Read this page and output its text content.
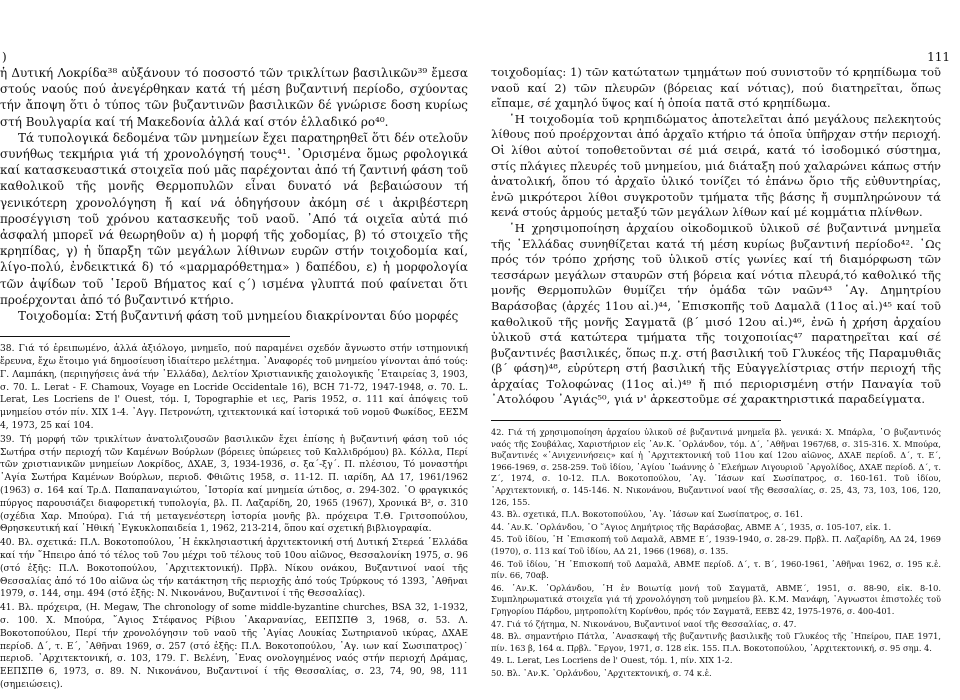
)	111

ἡ Δυτική Λοκρίδα³⁸ αὐξάνουν τό ποσοστό τῶν τρικλίτων βασιλικῶν³⁹ ἔμεσα στούς ναούς πού ἀνεγέρθηκαν κατά τή μέση βυζαντινή περίοδο, σχύοντας τήν ἄποψη ὅτι ὁ τύπος τῶν βυζαντινῶν βασιλικῶν δέ γνώρισε δοση κυρίως στή Βουλγαρία καί τή Μακεδονία ἀλλά καί στόν ἑλλαδικό ρο⁴⁰.

Τά τυπολογικά δεδομένα τῶν μνημείων ἔχει παρατηρηθεῖ ὅτι δέν οτελοῦν συνήθως τεκμήρια γιά τή χρονολόγησή τους⁴¹. ᾿Ορισμένα ὅμως ρφολογικά καί κατασκευαστικά στοιχεῖα πού μᾶς παρέχονται ἀπό τή ζαντινή φάση τοῦ καθολικοῦ τῆς μονῆς Θερμοπυλῶν εἶναι δυνατό νά βεβαιώσουν τή γενικότερη χρονολόγηση ἤ καί νά ὁδηγήσουν ἀκόμη σέ ι ἀκριβέστερη προσέγγιση τοῦ χρόνου κατασκευῆς τοῦ ναοῦ. ᾿Από τά οιχεῖα αὐτά πιό ἀσφαλή μπορεῖ νά θεωρηθοῦν α) ἡ μορφή τῆς χοδομίας, β) τό στοιχεῖο τῆς κρηπίδας, γ) ἡ ὕπαρξη τῶν μεγάλων λίθινων ευρῶν στήν τοιχοδομία καί, λίγο-πολύ, ἐνδεικτικά δ) τό «μαρμαρόθετημα» ) δαπέδου, ε) ἡ μορφολογία τῶν ἀψίδων τοῦ ῾Ιεροῦ Βήματος καί ς´) ισμένα γλυπτά πού φαίνεται ὅτι προέρχονται ἀπό τό βυζαντινό κτήριο.

Τοιχοδομία: Στή βυζαντινή φάση τοῦ μνημείου διακρίνονται δύο μορφές

38. Γιά τό ἐρειπωμένο, ἀλλά ἀξιόλογο, μνημεῖο, πού παραμένει σχεδόν ἄγνωστο στήν ιστημονική ἔρευνα, ἔχω ἕτοιμο γιά δημοσίευση ἰδιαίτερο μελέτημα. ᾿Αναφορές τοῦ μνημείου γίνονται ἀπό τούς: Γ. Λαμπάκη, (περιηγήσεις ἀνά τήν ῾Ελλάδα), Δελτίον Χριστιανικῆς χαιολογικῆς ῾Εταιρείας 3, 1903, σ. 70. L. Lerat - F. Chamoux, Voyage en Locride Occidentale 16), BCH 71-72, 1947-1948, σ. 70. L. Lerat, Les Locriens de l' Ouest, τόμ. I, Topographie et ιες, Paris 1952, σ. 111 καί ἀπόψεις τοῦ μνημείου στόν πίν. XIX 1-4. ᾿Αγγ. Πετρονώτη, ιχιτεκτονικά καί ἱστορικά τοῦ νομοῦ Φωκίδος, ΕΕΣΜ 4, 1973, 25 καί 104.

39. Τή μορφή τῶν τρικλίτων ἀνατολιζουσῶν βασιλικῶν ἔχει ἐπίσης ἡ βυζαντινή φάση τοῦ ιός Σωτήρα στήν περιοχή τῶν Καμένων Βούρλων (βόρειες ὑπώρειες τοῦ Καλλιδρόμου) βλ. Κόλλα, Περί τῶν χριστιανικῶν μνημείων Λοκρίδος, ΔΧΑΕ, 3, 1934-1936, σ. ξα´-ξγ´. Π. πλέσιου, Τό μοναστήρι ῾Αγία Σωτήρα Καμένων Βούρλων, περιοδ. Φθιῶτις 1958, σ. 11-12. Π. ιαρίδη, ΑΔ 17, 1961/1962 (1963) σ. 164 καί Τρ.Δ. Παπαπαναγιώτου, ῾Ιστορία καί μνημεία ώτιδος, σ. 294-302. ᾿Ο φραγκικός πύργος παρουσιάζει διαφορετική τυπολογία, βλ. Π. Λαζαρίδη, 20, 1965 (1967), Χρονικά Β², σ. 310 (σχέδια Χαρ. Μπούρα). Γιά τή μεταγενέστερη ἱστορία μονῆς βλ. πρόχειρα Τ.Θ. Γριτσοπούλου, Θρησκευτική καί ᾿Ηθική ᾿Εγκυκλοπαιδεία 1, 1962, 213-214, ὅπου καί σχετική βιβλιογραφία.

40. Βλ. σχετικά: Π.Λ. Βοκοτοπούλου, ῾Η ἐκκλησιαστική ἀρχιτεκτονική στή Δυτική Στερεά ῾Ελλάδα καί τήν ῞Ηπειρο ἀπό τό τέλος τοῦ 7ου μέχρι τοῦ τέλους τοῦ 10ου αἰῶνος, Θεσσαλονίκη 1975, σ. 96 (στό ἑξῆς: Π.Λ. Βοκοτοπούλου, ᾿Αρχιτεκτονική). Πρβλ. Νίκου ονάκου, Βυζαντινοί ναοί τῆς Θεσσαλίας ἀπό τό 10ο αἰῶνα ὡς τήν κατάκτηση τῆς περιοχῆς ἀπό τούς Τρύρκους τό 1393, ᾿Αθῆναι 1979, σ. 144, σημ. 494 (στό ἑξῆς: Ν. Νικονάνου, Βυζαντινοί ί τῆς Θεσσαλίας).

41. Βλ. πρόχειρα, (H. Megaw, The chronology of some middle-byzantine churches, BSA 32, 1-1932, σ. 100. Χ. Μπούρα, ῞Αγιος Στέφανος Ρίβιου ᾿Ακαρνανίας, ΕΕΠΣΠΘ 3, 1968, σ. 53. Λ. Βοκοτοπούλου, Περί τήν χρονολόγησιν τοῦ ναοῦ τῆς ᾿Αγίας Λουκίας Σωτηριανοῦ ικύρας, ΔΧΑΕ περίοδ. Δ´, τ. Ε´, ᾿Αθῆναι 1969, σ. 257 (στό ἑξῆς: Π.Λ. Βοκοτοπούλου, ᾿Αγ. ιων καί Σωσιπατρος)˙ περιοδ. ᾿Αρχιτεκτονική, σ. 103, 179. Γ. Βελένη, ῾Ενας ονολογημένος ναός στήν περιοχή Δράμας, ΕΕΠΣΠΘ 6, 1973, σ. 89. Ν. Νικονάνου, Βυζαντινοί ί τῆς Θεσσαλίας, σ. 23, 74, 90, 98, 111 (σημειώσεις).

τοιχοδομίας: 1) τῶν κατώτατων τμημάτων πού συνιστοῦν τό κρηπίδωμα τοῦ ναοῦ καί 2) τῶν πλευρῶν (βόρειας καί νότιας), πού διατηρεῖται, ὅπως εἴπαμε, σέ χαμηλό ὕψος καί ἡ ὁποία πατᾶ στό κρηπίδωμα.

῾Η τοιχοδομία τοῦ κρηπιδώματος ἀποτελεῖται ἀπό μεγάλους πελεκητούς λίθους πού προέρχονται ἀπό ἀρχαῖο κτήριο τά ὁποῖα ὑπῆρχαν στήν περιοχή. Οἱ λίθοι αὐτοί τοποθετοῦνται σέ μιά σειρά, κατά τό ἰσοδομικό σύστημα, στίς πλάγιες πλευρές τοῦ μνημείου, μιά διάταξη πού χαλαρώνει κάπως στήν ἀνατολική, ὅπου τό ἀρχαῖο ὑλικό τονίζει τό ἐπάνω ὅριο τῆς εὐθυντηρίας, ἐνῶ μικρότεροι λίθοι συγκροτοῦν τμήματα τῆς βάσης ἤ συμπληρώνουν τά κενά στούς ἁρμούς μεταξύ τῶν μεγάλων λίθων καί μέ κομμάτια πλίνθων.

῾Η χρησιμοποίηση ἀρχαίου οἰκοδομικοῦ ὑλικοῦ σέ βυζαντινά μνημεῖα τῆς ῾Ελλάδας συνηθίζεται κατά τή μέση κυρίως βυζαντινή περίοδο⁴². ῾Ως πρός τόν τρόπο χρήσης τοῦ ὑλικοῦ στίς γωνίες καί τή διαμόρφωση τῶν τεσσάρων μεγάλων σταυρῶν στή βόρεια καί νότια πλευρά,τό καθολικό τῆς μονῆς Θερμοπυλῶν θυμίζει τήν ὁμάδα τῶν ναῶν⁴³ ῾Αγ. Δημητρίου Βαράσοβας (ἀρχές 11ου αἰ.)⁴⁴, ᾿Επισκοπῆς τοῦ Δαμαλᾶ (11ος αἰ.)⁴⁵ καί τοῦ καθολικοῦ τῆς μονῆς Σαγματᾶ (β´ μισό 12ου αἰ.)⁴⁶, ἐνῶ ἡ χρήση ἀρχαίου ὑλικοῦ στά κατώτερα τμήματα τῆς τοιχοποιίας⁴⁷ παρατηρεῖται καί σέ βυζαντινές βασιλικές, ὅπως π.χ. στή βασιλική τοῦ Γλυκέος τῆς Παραμυθιᾶς (β´ φάση)⁴⁸, εὑρύτερη στή βασιλική τῆς Εὐαγγελίστριας στήν περιοχή τῆς ἀρχαίας Τολοφώνας (11ος αἰ.)⁴⁹ ἤ πιό περιορισμένη στήν Παναγία τοῦ ᾿Ατολόφου ᾿Αγιάς⁵⁰, γιά ν' ἀρκεστοῦμε σέ χαρακτηριστικά παραδείγματα.

42. Γιά τή χρησιμοποίηση ἀρχαίου ὑλικοῦ σέ βυζαντινά μνημεῖα βλ. γενικά: Χ. Μπάρλα, ᾿Ο βυζαντινός ναός τῆς Σουβάλας, Χαριστήριον εἰς ᾿Αν.Κ. ᾿Ορλάνδον, τόμ. Δ´, ᾿Αθῆναι 1967/68, σ. 315-316. Χ. Μπούρα, Βυζαντινές «᾿Ανιχενινήσεις» καί ἡ ᾿Αρχιτεκτονική τοῦ 11ου καί 12ου αἰῶνος, ΔΧΑΕ περίοδ. Δ´, τ. Ε´, 1966-1969, σ. 258-259. Τοῦ ἰδίου, ῾Αγίου ᾿Ιωάννης ὁ ᾿Ελεήμων Λιγουριοῦ ᾿Αργολίδος, ΔΧΑΕ περίοδ. Δ´, τ. Ζ´, 1974, σ. 10-12. Π.Λ. Βοκοτοπούλου, ᾿Αγ. ᾿Ιάσων καί Σωσίπατρος, σ. 160-161. Τοῦ ἰδίου, ᾿Αρχιτεκτονική, σ. 145-146. Ν. Νικονάνου, Βυζαντινοί ναοί τῆς Θεσσαλίας, σ. 25, 43, 73, 103, 106, 120, 126, 155.

43. Βλ. σχετικά, Π.Λ. Βοκοτοπούλου, ᾿Αγ. ᾿Ιάσων καί Σωσίπατρος, σ. 161.

44. ᾿Αν.Κ. ᾿Ορλάνδου, ᾿Ο ῞Αγιος Δημήτριος τῆς Βαράσοβας, ΑΒΜΕ Α´, 1935, σ. 105-107, εἰκ. 1.

45. Τοῦ ἰδίου, ῾Η ᾿Επισκοπή τοῦ Δαμαλᾶ, ΑΒΜΕ Ε´, 1939-1940, σ. 28-29. Πρβλ. Π. Λαζαρίδη, ΑΔ 24, 1969 (1970), σ. 113 καί Τοῦ ἰδίου, ΑΔ 21, 1966 (1968), σ. 135.

46. Τοῦ ἰδίου, ῾Η ᾿Επισκοπή τοῦ Δαμαλᾶ, ΑΒΜΕ περίοδ. Δ´, τ. Β´, 1960-1961, ᾿Αθῆναι 1962, σ. 195 κ.ἑ. πίν. 66, 70αβ.

46. ᾿Αν.Κ. ᾿Ορλάνδου, ῾Η ἐν Βοιωτίᾳ μονή τοῦ Σαγματᾶ, ΑΒΜΕ´, 1951, σ. 88-90, εἰκ. 8-10. Συμπληρωματικά στοιχεῖα γιά τή χρονολόγηση τοῦ μνημείου βλ. Κ.Μ. Μανάφη, ᾿Αγνωστοι ἐπιστολές τοῦ Γρηγορίου Πάρδου, μητροπολίτη Κορίνθου, πρός τόν Σαγματᾶ, ΕΕΒΣ 42, 1975-1976, σ. 400-401.

47. Γιά τό ζήτημα, Ν. Νικονάνου, Βυζαντινοί ναοί τῆς Θεσσαλίας, σ. 47.

48. Βλ. σημαντήριο Πάτλα, ᾿Ανασκαφή τῆς βυζαντινῆς βασιλικῆς τοῦ Γλυκέος τῆς ῾Ηπείρου, ΠΑΕ 1971, πίν. 163 β, 164 α. Πρβλ. ῎Εργον, 1971, σ. 128 εἰκ. 155. Π.Λ. Βοκοτοπούλου, ᾿Αρχιτεκτονική, σ. 95 σημ. 4.

49. L. Lerat, Les Locriens de l' Ouest, τόμ. 1, πίν. XIX 1-2.

50. Βλ. ᾿Αν.Κ. ᾿Ορλάνδου, ᾿Αρχιτεκτονική, σ. 74 κ.ἑ.
